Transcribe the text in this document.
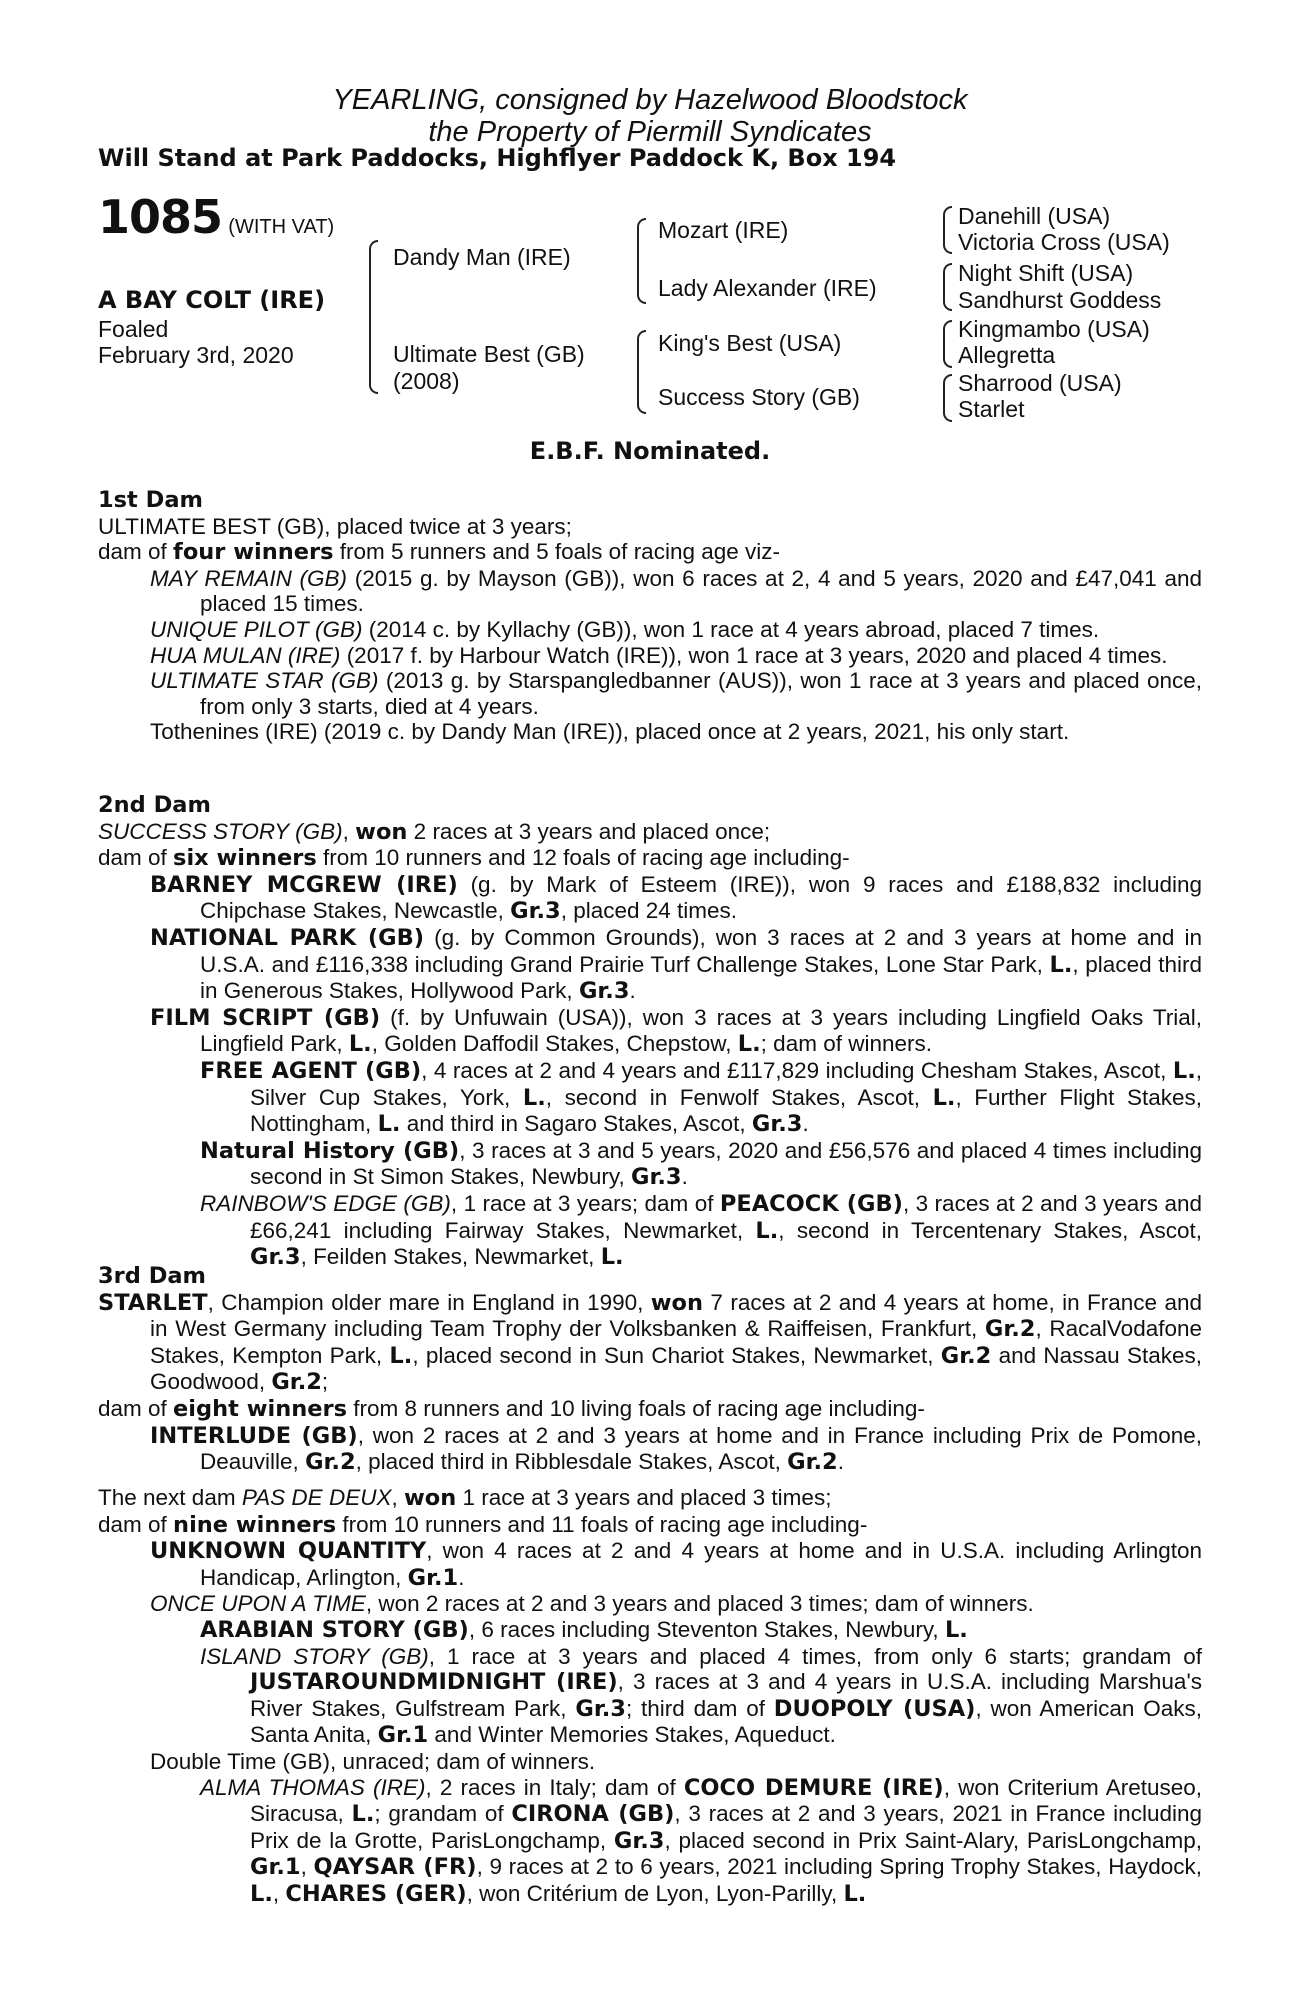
YEARLING, consigned by Hazelwood Bloodstock
the Property of Piermill Syndicates
Will Stand at Park Paddocks, Highflyer Paddock K, Box 194
1085 (WITH VAT)
A BAY COLT (IRE)
Foaled
February 3rd, 2020
Dandy Man (IRE)
Ultimate Best (GB)
(2008)
Mozart (IRE)
Lady Alexander (IRE)
King's Best (USA)
Success Story (GB)
Danehill (USA)
Victoria Cross (USA)
Night Shift (USA)
Sandhurst Goddess
Kingmambo (USA)
Allegretta
Sharrood (USA)
Starlet
E.B.F. Nominated.

1st Dam

ULTIMATE BEST (GB), placed twice at 3 years;

dam of four winners from 5 runners and 5 foals of racing age viz-

MAY REMAIN (GB) (2015 g. by Mayson (GB)), won 6 races at 2, 4 and 5 years, 2020 and £47,041 and placed 15 times.

UNIQUE PILOT (GB) (2014 c. by Kyllachy (GB)), won 1 race at 4 years abroad, placed 7 times.

HUA MULAN (IRE) (2017 f. by Harbour Watch (IRE)), won 1 race at 3 years, 2020 and placed 4 times.

ULTIMATE STAR (GB) (2013 g. by Starspangledbanner (AUS)), won 1 race at 3 years and placed once, from only 3 starts, died at 4 years.

Tothenines (IRE) (2019 c. by Dandy Man (IRE)), placed once at 2 years, 2021, his only start.

2nd Dam

SUCCESS STORY (GB), won 2 races at 3 years and placed once;

dam of six winners from 10 runners and 12 foals of racing age including-

BARNEY MCGREW (IRE) (g. by Mark of Esteem (IRE)), won 9 races and £188,832 including Chipchase Stakes, Newcastle, Gr.3, placed 24 times.

NATIONAL PARK (GB) (g. by Common Grounds), won 3 races at 2 and 3 years at home and in U.S.A. and £116,338 including Grand Prairie Turf Challenge Stakes, Lone Star Park, L., placed third in Generous Stakes, Hollywood Park, Gr.3.

FILM SCRIPT (GB) (f. by Unfuwain (USA)), won 3 races at 3 years including Lingfield Oaks Trial, Lingfield Park, L., Golden Daffodil Stakes, Chepstow, L.; dam of winners.

FREE AGENT (GB), 4 races at 2 and 4 years and £117,829 including Chesham Stakes, Ascot, L., Silver Cup Stakes, York, L., second in Fenwolf Stakes, Ascot, L., Further Flight Stakes, Nottingham, L. and third in Sagaro Stakes, Ascot, Gr.3.

Natural History (GB), 3 races at 3 and 5 years, 2020 and £56,576 and placed 4 times including second in St Simon Stakes, Newbury, Gr.3.

RAINBOW'S EDGE (GB), 1 race at 3 years; dam of PEACOCK (GB), 3 races at 2 and 3 years and £66,241 including Fairway Stakes, Newmarket, L., second in Tercentenary Stakes, Ascot, Gr.3, Feilden Stakes, Newmarket, L.

3rd Dam

STARLET, Champion older mare in England in 1990, won 7 races at 2 and 4 years at home, in France and in West Germany including Team Trophy der Volksbanken & Raiffeisen, Frankfurt, Gr.2, RacalVodafone Stakes, Kempton Park, L., placed second in Sun Chariot Stakes, Newmarket, Gr.2 and Nassau Stakes, Goodwood, Gr.2;

dam of eight winners from 8 runners and 10 living foals of racing age including-

INTERLUDE (GB), won 2 races at 2 and 3 years at home and in France including Prix de Pomone, Deauville, Gr.2, placed third in Ribblesdale Stakes, Ascot, Gr.2.

The next dam PAS DE DEUX, won 1 race at 3 years and placed 3 times;

dam of nine winners from 10 runners and 11 foals of racing age including-

UNKNOWN QUANTITY, won 4 races at 2 and 4 years at home and in U.S.A. including Arlington Handicap, Arlington, Gr.1.

ONCE UPON A TIME, won 2 races at 2 and 3 years and placed 3 times; dam of winners.

ARABIAN STORY (GB), 6 races including Steventon Stakes, Newbury, L.

ISLAND STORY (GB), 1 race at 3 years and placed 4 times, from only 6 starts; grandam of JUSTAROUNDMIDNIGHT (IRE), 3 races at 3 and 4 years in U.S.A. including Marshua's River Stakes, Gulfstream Park, Gr.3; third dam of DUOPOLY (USA), won American Oaks, Santa Anita, Gr.1 and Winter Memories Stakes, Aqueduct.

Double Time (GB), unraced; dam of winners.

ALMA THOMAS (IRE), 2 races in Italy; dam of COCO DEMURE (IRE), won Criterium Aretuseo, Siracusa, L.; grandam of CIRONA (GB), 3 races at 2 and 3 years, 2021 in France including Prix de la Grotte, ParisLongchamp, Gr.3, placed second in Prix Saint-Alary, ParisLongchamp, Gr.1, QAYSAR (FR), 9 races at 2 to 6 years, 2021 including Spring Trophy Stakes, Haydock, L., CHARES (GER), won Critérium de Lyon, Lyon-Parilly, L.
